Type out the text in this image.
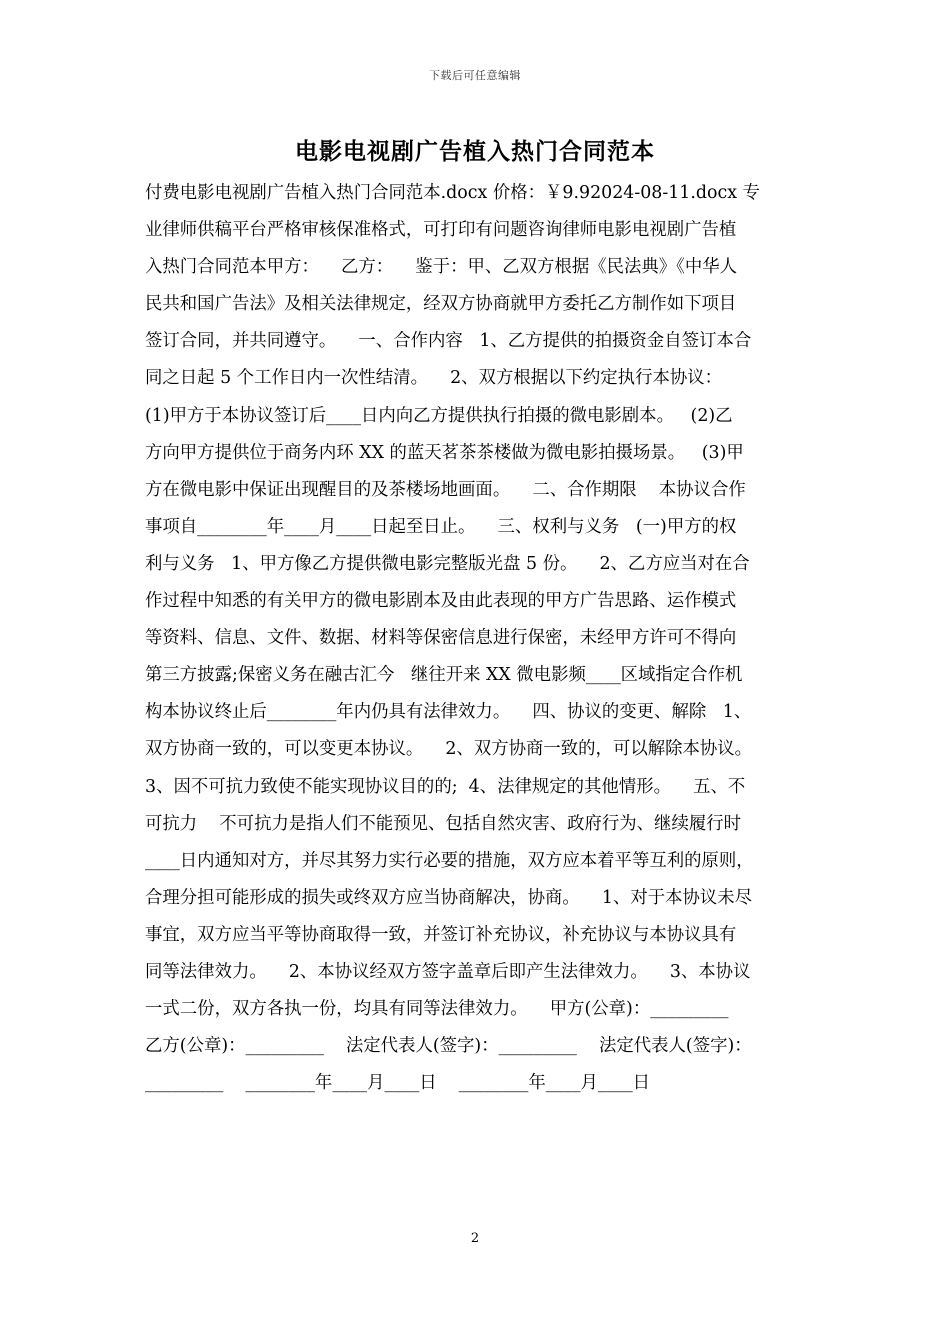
下载后可任意编辑
电影电视剧广告植入热门合同范本
付费电影电视剧广告植入热门合同范本.docx 价格：￥9.92024-08-11.docx 专
业律师供稿平台严格审核保准格式，可打印有问题咨询律师电影电视剧广告植
入热门合同范本甲方：    乙方：    鉴于：甲、乙双方根据《民法典》《中华人
民共和国广告法》及相关法律规定，经双方协商就甲方委托乙方制作如下项目
签订合同，并共同遵守。    一、合作内容   1、乙方提供的拍摄资金自签订本合
同之日起 5 个工作日内一次性结清。    2、双方根据以下约定执行本协议：
(1)甲方于本协议签订后____日内向乙方提供执行拍摄的微电影剧本。   (2)乙
方向甲方提供位于商务内环 XX 的蓝天茗茶茶楼做为微电影拍摄场景。   (3)甲
方在微电影中保证出现醒目的及茶楼场地画面。    二、合作期限    本协议合作
事项自________年____月____日起至日止。    三、权利与义务   (一)甲方的权
利与义务   1、甲方像乙方提供微电影完整版光盘 5 份。    2、乙方应当对在合
作过程中知悉的有关甲方的微电影剧本及由此表现的甲方广告思路、运作模式
等资料、信息、文件、数据、材料等保密信息进行保密，未经甲方许可不得向
第三方披露;保密义务在融古汇今   继往开来 XX 微电影频____区域指定合作机
构本协议终止后________年内仍具有法律效力。    四、协议的变更、解除   1、
双方协商一致的，可以变更本协议。    2、双方协商一致的，可以解除本协议。
3、因不可抗力致使不能实现协议目的的;  4、法律规定的其他情形。    五、不
可抗力    不可抗力是指人们不能预见、包括自然灾害、政府行为、继续履行时
____日内通知对方，并尽其努力实行必要的措施，双方应本着平等互利的原则，
合理分担可能形成的损失或终双方应当协商解决，协商。    1、对于本协议未尽
事宜，双方应当平等协商取得一致，并签订补充协议，补充协议与本协议具有
同等法律效力。    2、本协议经双方签字盖章后即产生法律效力。    3、本协议
一式二份，双方各执一份，均具有同等法律效力。    甲方(公章)：_________
乙方(公章)：_________    法定代表人(签字)：_________    法定代表人(签字)：
_________    ________年____月____日    ________年____月____日
2
